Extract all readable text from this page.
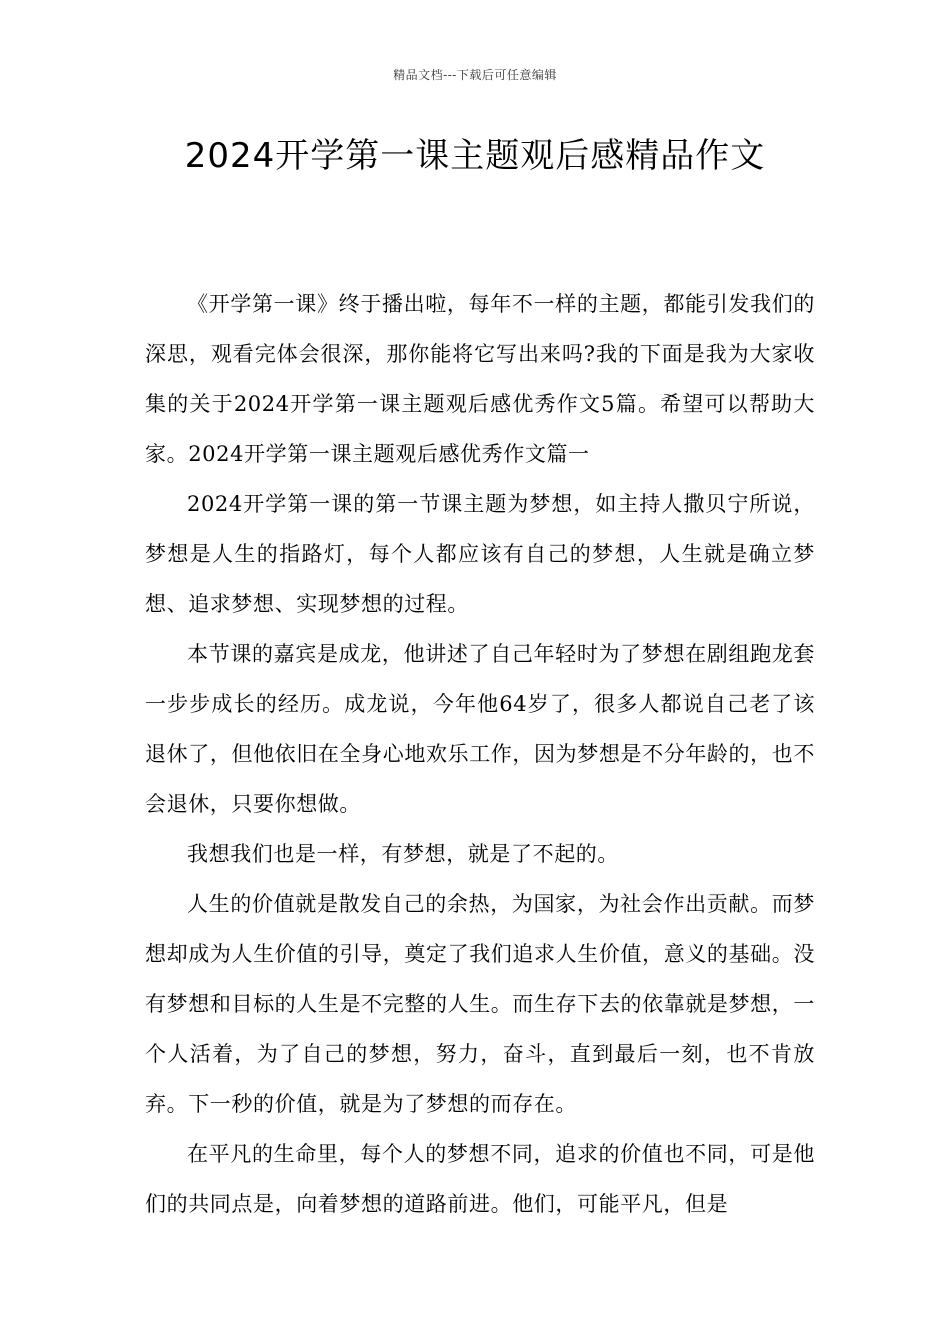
精品文档---下载后可任意编辑
2024开学第一课主题观后感精品作文

《开学第一课》终于播出啦，每年不一样的主题，都能引发我们的深思，观看完体会很深，那你能将它写出来吗?我的下面是我为大家收集的关于2024开学第一课主题观后感优秀作文5篇。希望可以帮助大家。2024开学第一课主题观后感优秀作文篇一

2024开学第一课的第一节课主题为梦想，如主持人撒贝宁所说，梦想是人生的指路灯，每个人都应该有自己的梦想，人生就是确立梦想、追求梦想、实现梦想的过程。

本节课的嘉宾是成龙，他讲述了自己年轻时为了梦想在剧组跑龙套一步步成长的经历。成龙说，今年他64岁了，很多人都说自己老了该退休了，但他依旧在全身心地欢乐工作，因为梦想是不分年龄的，也不会退休，只要你想做。

我想我们也是一样，有梦想，就是了不起的。

人生的价值就是散发自己的余热，为国家，为社会作出贡献。而梦想却成为人生价值的引导，奠定了我们追求人生价值，意义的基础。没有梦想和目标的人生是不完整的人生。而生存下去的依靠就是梦想，一个人活着，为了自己的梦想，努力，奋斗，直到最后一刻，也不肯放弃。下一秒的价值，就是为了梦想的而存在。

在平凡的生命里，每个人的梦想不同，追求的价值也不同，可是他们的共同点是，向着梦想的道路前进。他们，可能平凡，但是
